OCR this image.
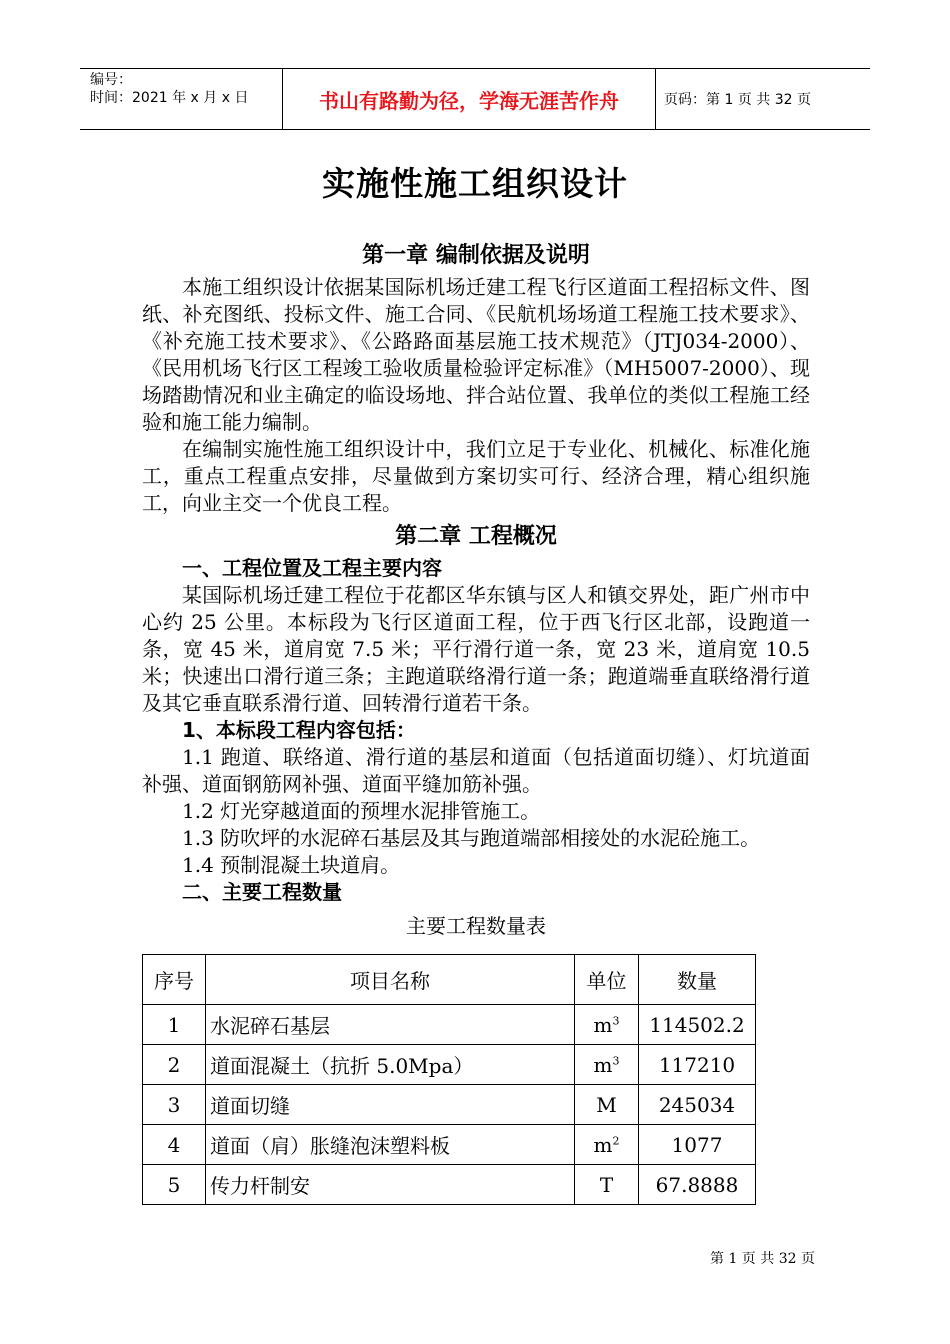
编号：
时间：2021 年 x 月 x 日	书山有路勤为径，学海无涯苦作舟	页码：第 1 页 共 32 页
实施性施工组织设计
第一章 编制依据及说明

本施工组织设计依据某国际机场迁建工程飞行区道面工程招标文件、图纸、补充图纸、投标文件、施工合同、《民航机场场道工程施工技术要求》、《补充施工技术要求》、《公路路面基层施工技术规范》（JTJ034-2000）、《民用机场飞行区工程竣工验收质量检验评定标准》（MH5007-2000）、现场踏勘情况和业主确定的临设场地、拌合站位置、我单位的类似工程施工经验和施工能力编制。

在编制实施性施工组织设计中，我们立足于专业化、机械化、标准化施工，重点工程重点安排，尽量做到方案切实可行、经济合理，精心组织施工，向业主交一个优良工程。

第二章 工程概况

一、工程位置及工程主要内容

某国际机场迁建工程位于花都区华东镇与区人和镇交界处，距广州市中心约 25 公里。本标段为飞行区道面工程，位于西飞行区北部，设跑道一条，宽 45 米，道肩宽 7.5 米；平行滑行道一条，宽 23 米，道肩宽 10.5 米；快速出口滑行道三条；主跑道联络滑行道一条；跑道端垂直联络滑行道及其它垂直联系滑行道、回转滑行道若干条。

1、本标段工程内容包括：

1.1 跑道、联络道、滑行道的基层和道面（包括道面切缝）、灯坑道面补强、道面钢筋网补强、道面平缝加筋补强。

1.2 灯光穿越道面的预埋水泥排管施工。

1.3 防吹坪的水泥碎石基层及其与跑道端部相接处的水泥砼施工。

1.4 预制混凝土块道肩。

二、主要工程数量

主要工程数量表
序号	项目名称	单位	数量
1	水泥碎石基层	$m^3$	114502.2
2	道面混凝土（抗折 5.0Mpa）	$m^3$	117210
3	道面切缝	M	245034
4	道面（肩）胀缝泡沫塑料板	$m^2$	1077
5	传力杆制安	T	67.8888
第 1 页 共 32 页
